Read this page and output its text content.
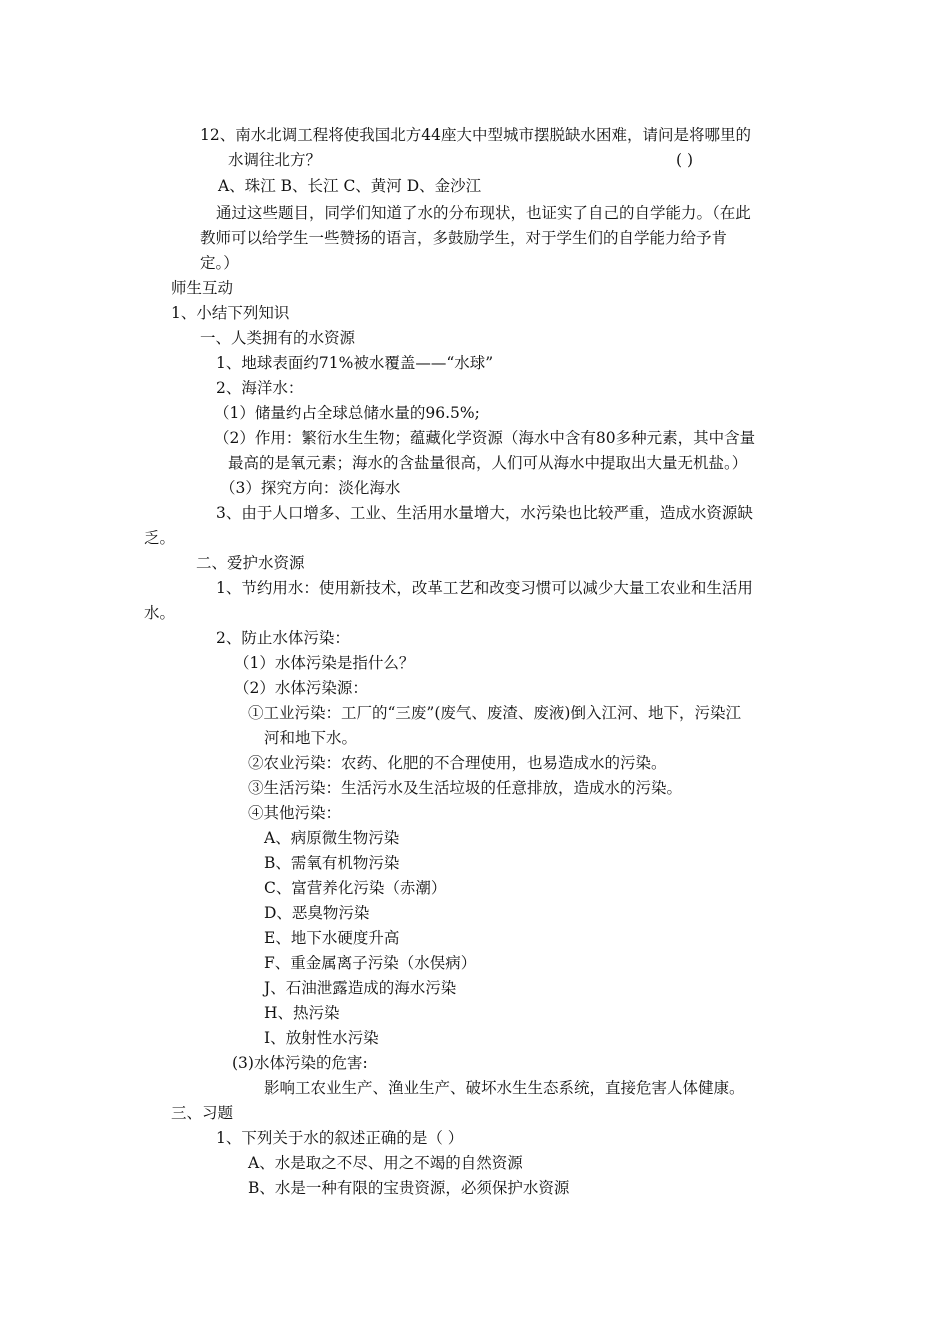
12、南水北调工程将使我国北方44座大中型城市摆脱缺水困难，请问是将哪里的
水调往北方？	( )
A、珠江 B、长江 C、黄河 D、金沙江
通过这些题目，同学们知道了水的分布现状，也证实了自己的自学能力。（在此
教师可以给学生一些赞扬的语言，多鼓励学生，对于学生们的自学能力给予肯
定。）
师生互动
1、小结下列知识
一、人类拥有的水资源
1、地球表面约71%被水覆盖——“水球”
2、海洋水：
（1）储量约占全球总储水量的96.5%;
（2）作用：繁衍水生生物；蕴藏化学资源（海水中含有80多种元素，其中含量
最高的是氧元素；海水的含盐量很高，人们可从海水中提取出大量无机盐。）
（3）探究方向：淡化海水
3、由于人口增多、工业、生活用水量增大，水污染也比较严重，造成水资源缺
乏。
二、爱护水资源
1、节约用水：使用新技术，改革工艺和改变习惯可以减少大量工农业和生活用
水。
2、防止水体污染：
（1）水体污染是指什么？
（2）水体污染源：
①工业污染：工厂的“三废”(废气、废渣、废液)倒入江河、地下，污染江
河和地下水。
②农业污染：农药、化肥的不合理使用，也易造成水的污染。
③生活污染：生活污水及生活垃圾的任意排放，造成水的污染。
④其他污染：
A、病原微生物污染
B、需氧有机物污染
C、富营养化污染（赤潮）
D、恶臭物污染
E、地下水硬度升高
F、重金属离子污染（水俣病）
J、石油泄露造成的海水污染
H、热污染
I、放射性水污染
(3)水体污染的危害:
影响工农业生产、渔业生产、破坏水生生态系统，直接危害人体健康。
三、习题
1、下列关于水的叙述正确的是（ ）
A、水是取之不尽、用之不竭的自然资源
B、水是一种有限的宝贵资源，必须保护水资源
